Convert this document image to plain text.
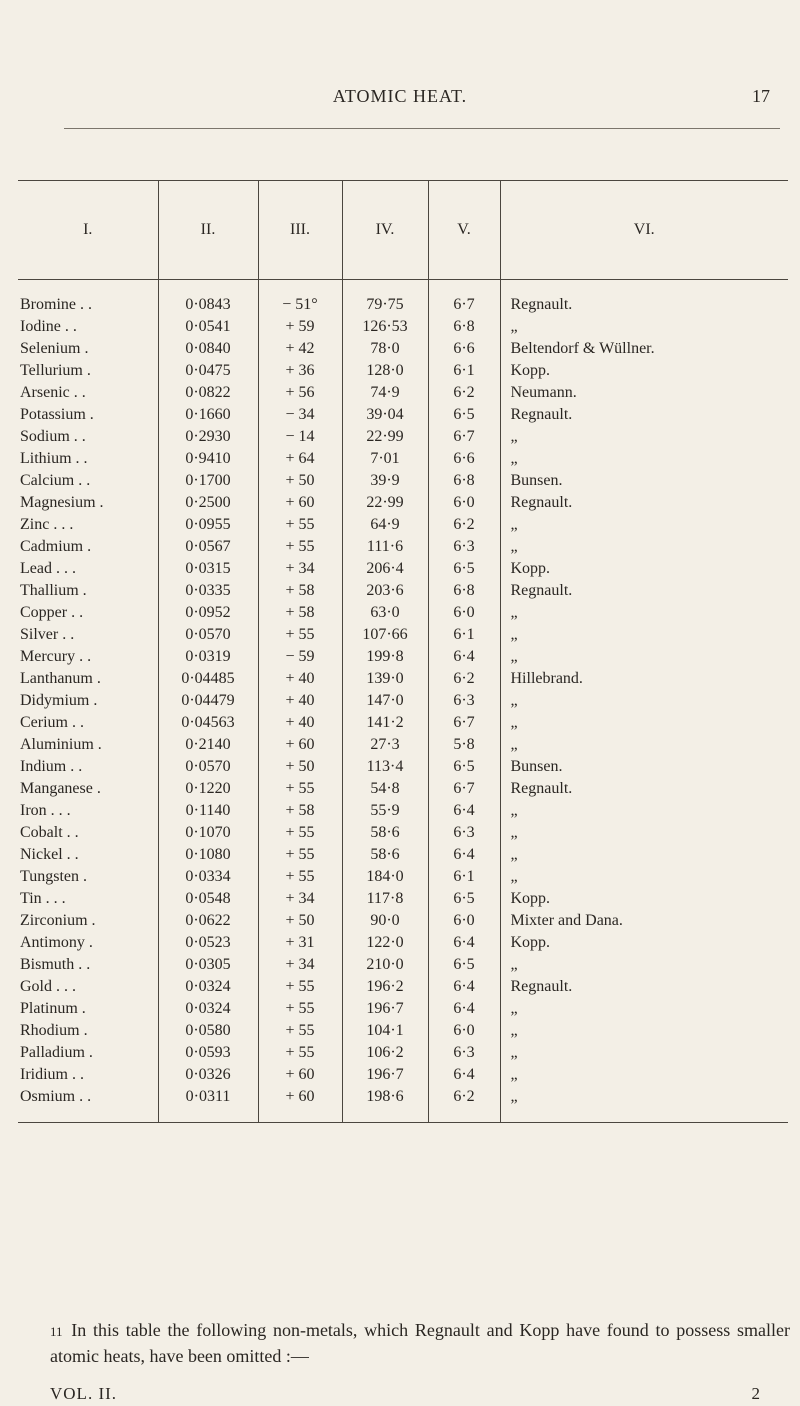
ATOMIC HEAT.	17
I.	II.	III.	IV.	V.	VI.
Bromine . .	0·0843	− 51°	79·75	6·7	Regnault.
Iodine . .	0·0541	+ 59	126·53	6·8	„
Selenium .	0·0840	+ 42	78·0	6·6	Beltendorf & Wüllner.
Tellurium .	0·0475	+ 36	128·0	6·1	Kopp.
Arsenic . .	0·0822	+ 56	74·9	6·2	Neumann.
Potassium .	0·1660	− 34	39·04	6·5	Regnault.
Sodium . .	0·2930	− 14	22·99	6·7	„
Lithium . .	0·9410	+ 64	7·01	6·6	„
Calcium . .	0·1700	+ 50	39·9	6·8	Bunsen.
Magnesium .	0·2500	+ 60	22·99	6·0	Regnault.
Zinc . . .	0·0955	+ 55	64·9	6·2	„
Cadmium .	0·0567	+ 55	111·6	6·3	„
Lead . . .	0·0315	+ 34	206·4	6·5	Kopp.
Thallium .	0·0335	+ 58	203·6	6·8	Regnault.
Copper . .	0·0952	+ 58	63·0	6·0	„
Silver . .	0·0570	+ 55	107·66	6·1	„
Mercury . .	0·0319	− 59	199·8	6·4	„
Lanthanum .	0·04485	+ 40	139·0	6·2	Hillebrand.
Didymium .	0·04479	+ 40	147·0	6·3	„
Cerium . .	0·04563	+ 40	141·2	6·7	„
Aluminium .	0·2140	+ 60	27·3	5·8	„
Indium . .	0·0570	+ 50	113·4	6·5	Bunsen.
Manganese .	0·1220	+ 55	54·8	6·7	Regnault.
Iron . . .	0·1140	+ 58	55·9	6·4	„
Cobalt . .	0·1070	+ 55	58·6	6·3	„
Nickel . .	0·1080	+ 55	58·6	6·4	„
Tungsten .	0·0334	+ 55	184·0	6·1	„
Tin . . .	0·0548	+ 34	117·8	6·5	Kopp.
Zirconium .	0·0622	+ 50	90·0	6·0	Mixter and Dana.
Antimony .	0·0523	+ 31	122·0	6·4	Kopp.
Bismuth . .	0·0305	+ 34	210·0	6·5	„
Gold . . .	0·0324	+ 55	196·2	6·4	Regnault.
Platinum .	0·0324	+ 55	196·7	6·4	„
Rhodium .	0·0580	+ 55	104·1	6·0	„
Palladium .	0·0593	+ 55	106·2	6·3	„
Iridium . .	0·0326	+ 60	196·7	6·4	„
Osmium . .	0·0311	+ 60	198·6	6·2	„
11 In this table the following non-metals, which Regnault and Kopp have found to possess smaller atomic heats, have been omitted :—
VOL. II.	2
